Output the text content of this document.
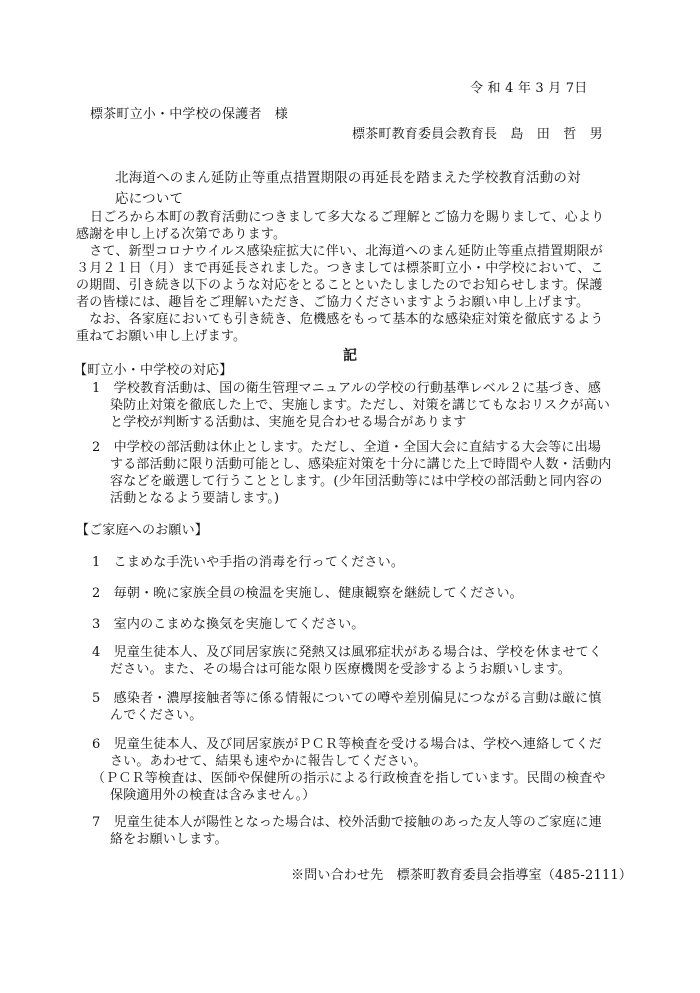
令 和 4 年 3 月 7日
標茶町立小・中学校の保護者　様
標茶町教育委員会教育長　島　田　哲　男
北海道へのまん延防止等重点措置期限の再延長を踏まえた学校教育活動の対
応について
日ごろから本町の教育活動につきまして多大なるご理解とご協力を賜りまして、心より
感謝を申し上げる次第であります。
　さて、新型コロナウイルス感染症拡大に伴い、北海道へのまん延防止等重点措置期限が
３月２１日（月）まで再延長されました。つきましては標茶町立小・中学校において、こ
の期間、引き続き以下のような対応をとることといたしましたのでお知らせします。保護
者の皆様には、趣旨をご理解いただき、ご協力くださいますようお願い申し上げます。
　なお、各家庭においても引き続き、危機感をもって基本的な感染症対策を徹底するよう
重ねてお願い申し上げます。
記
【町立小・中学校の対応】
1　学校教育活動は、国の衛生管理マニュアルの学校の行動基準レベル２に基づき、感
染防止対策を徹底した上で、実施します。ただし、対策を講じてもなおリスクが高い
と学校が判断する活動は、実施を見合わせる場合があります
2　中学校の部活動は休止とします。ただし、全道・全国大会に直結する大会等に出場
する部活動に限り活動可能とし、感染症対策を十分に講じた上で時間や人数・活動内
容などを厳選して行うこととします。(少年団活動等には中学校の部活動と同内容の
活動となるよう要請します。)
【ご家庭へのお願い】
1　こまめな手洗いや手指の消毒を行ってください。
2　毎朝・晩に家族全員の検温を実施し、健康観察を継続してください。
3　室内のこまめな換気を実施してください。
4　児童生徒本人、及び同居家族に発熱又は風邪症状がある場合は、学校を休ませてく
ださい。また、その場合は可能な限り医療機関を受診するようお願いします。
5　感染者・濃厚接触者等に係る情報についての噂や差別偏見につながる言動は厳に慎
んでください。
6　児童生徒本人、及び同居家族がＰＣＲ等検査を受ける場合は、学校へ連絡してくだ
さい。あわせて、結果も速やかに報告してください。
（ＰＣＲ等検査は、医師や保健所の指示による行政検査を指しています。民間の検査や
保険適用外の検査は含みません。）
7　児童生徒本人が陽性となった場合は、校外活動で接触のあった友人等のご家庭に連
絡をお願いします。
※問い合わせ先　標茶町教育委員会指導室（485-2111）
